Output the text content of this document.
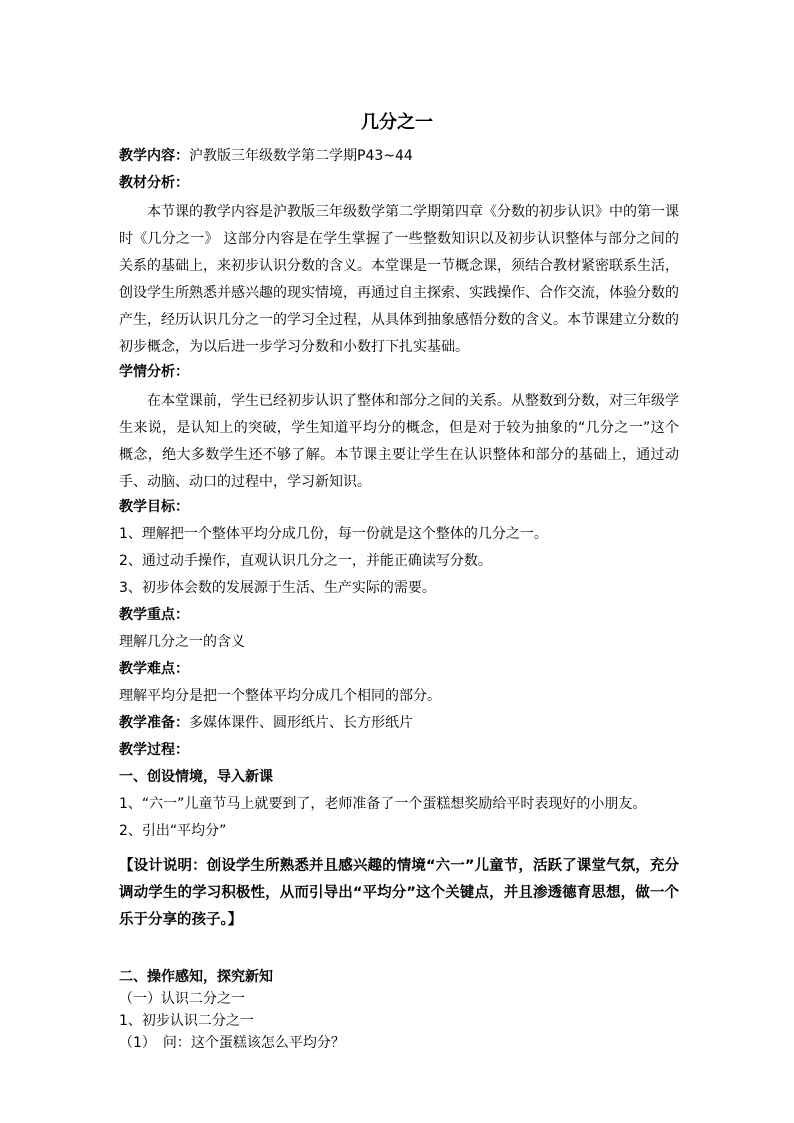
几分之一
教学内容：沪教版三年级数学第二学期P43~44
教材分析：
本节课的教学内容是沪教版三年级数学第二学期第四章《分数的初步认识》中的第一课时《几分之一》 这部分内容是在学生掌握了一些整数知识以及初步认识整体与部分之间的关系的基础上，来初步认识分数的含义。本堂课是一节概念课，须结合教材紧密联系生活，创设学生所熟悉并感兴趣的现实情境，再通过自主探索、实践操作、合作交流，体验分数的产生，经历认识几分之一的学习全过程，从具体到抽象感悟分数的含义。本节课建立分数的初步概念，为以后进一步学习分数和小数打下扎实基础。
学情分析：
在本堂课前，学生已经初步认识了整体和部分之间的关系。从整数到分数，对三年级学生来说，是认知上的突破，学生知道平均分的概念，但是对于较为抽象的“几分之一”这个概念，绝大多数学生还不够了解。本节课主要让学生在认识整体和部分的基础上，通过动手、动脑、动口的过程中，学习新知识。
教学目标：
1、理解把一个整体平均分成几份，每一份就是这个整体的几分之一。
2、通过动手操作，直观认识几分之一，并能正确读写分数。
3、初步体会数的发展源于生活、生产实际的需要。
教学重点：
理解几分之一的含义
教学难点：
理解平均分是把一个整体平均分成几个相同的部分。
教学准备：多媒体课件、圆形纸片、长方形纸片
教学过程：
一、创设情境，导入新课
1、“六一”儿童节马上就要到了，老师准备了一个蛋糕想奖励给平时表现好的小朋友。
2、引出“平均分”
【设计说明：创设学生所熟悉并且感兴趣的情境“六一”儿童节，活跃了课堂气氛，充分调动学生的学习积极性，从而引导出“平均分”这个关键点，并且渗透德育思想，做一个乐于分享的孩子。】
二、操作感知，探究新知
（一）认识二分之一
1、初步认识二分之一
（1）　问：这个蛋糕该怎么平均分？
